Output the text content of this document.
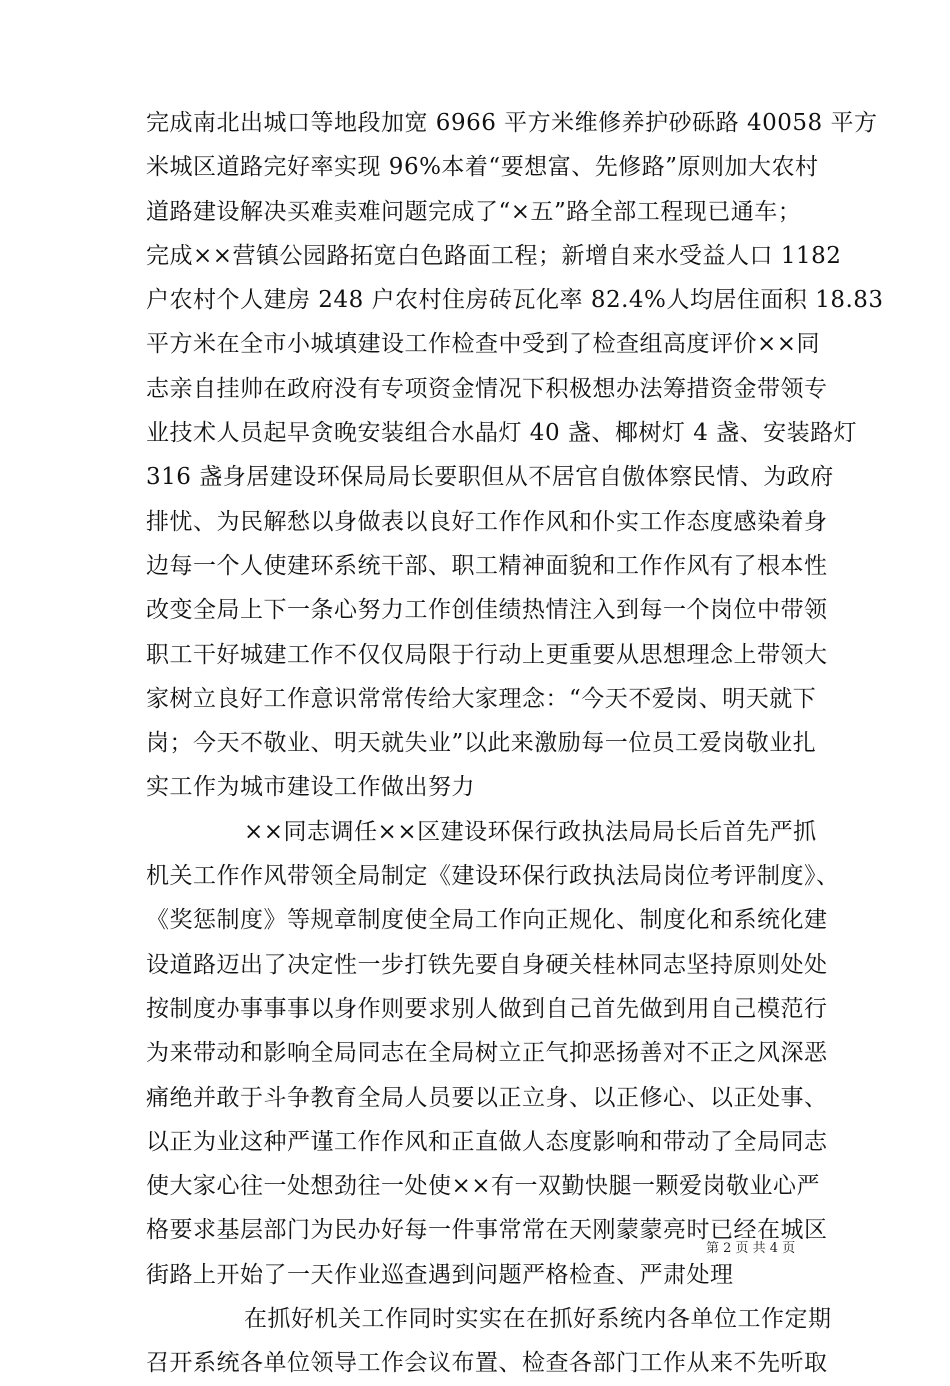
完成南北出城口等地段加宽 6966 平方米维修养护砂砾路 40058 平方
米城区道路完好率实现 96%本着“要想富、先修路”原则加大农村
道路建设解决买难卖难问题完成了“×五”路全部工程现已通车；
完成××营镇公园路拓宽白色路面工程；新增自来水受益人口 1182
户农村个人建房 248 户农村住房砖瓦化率 82.4%人均居住面积 18.83
平方米在全市小城填建设工作检查中受到了检查组高度评价××同
志亲自挂帅在政府没有专项资金情况下积极想办法筹措资金带领专
业技术人员起早贪晚安装组合水晶灯 40 盏、椰树灯 4 盏、安装路灯
316 盏身居建设环保局局长要职但从不居官自傲体察民情、为政府
排忧、为民解愁以身做表以良好工作作风和仆实工作态度感染着身
边每一个人使建环系统干部、职工精神面貌和工作作风有了根本性
改变全局上下一条心努力工作创佳绩热情注入到每一个岗位中带领
职工干好城建工作不仅仅局限于行动上更重要从思想理念上带领大
家树立良好工作意识常常传给大家理念：“今天不爱岗、明天就下
岗；今天不敬业、明天就失业”以此来激励每一位员工爱岗敬业扎
实工作为城市建设工作做出努力
××同志调任××区建设环保行政执法局局长后首先严抓
机关工作作风带领全局制定《建设环保行政执法局岗位考评制度》、
《奖惩制度》等规章制度使全局工作向正规化、制度化和系统化建
设道路迈出了决定性一步打铁先要自身硬关桂林同志坚持原则处处
按制度办事事事以身作则要求别人做到自己首先做到用自己模范行
为来带动和影响全局同志在全局树立正气抑恶扬善对不正之风深恶
痛绝并敢于斗争教育全局人员要以正立身、以正修心、以正处事、
以正为业这种严谨工作作风和正直做人态度影响和带动了全局同志
使大家心往一处想劲往一处使××有一双勤快腿一颗爱岗敬业心严
格要求基层部门为民办好每一件事常常在天刚蒙蒙亮时已经在城区
街路上开始了一天作业巡查遇到问题严格检查、严肃处理
在抓好机关工作同时实实在在抓好系统内各单位工作定期
召开系统各单位领导工作会议布置、检查各部门工作从来不先听取
第 2 页 共 4 页
